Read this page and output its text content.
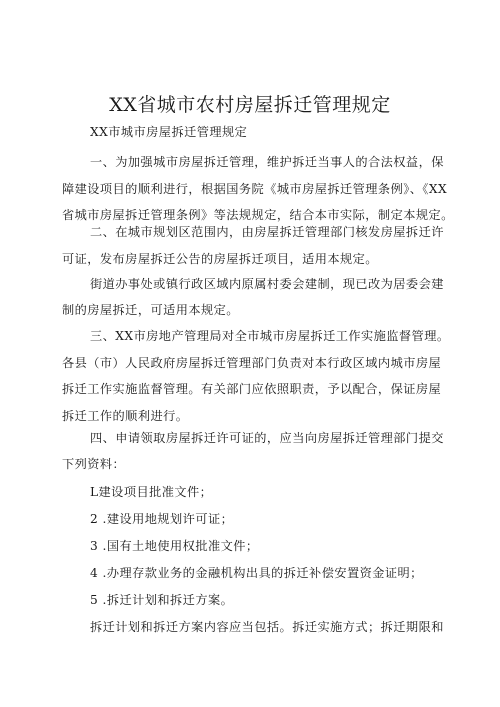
XX省城市农村房屋拆迁管理规定
XX市城市房屋拆迁管理规定
一、为加强城市房屋拆迁管理，维护拆迁当事人的合法权益，保
障建设项目的顺利进行，根据国务院《城市房屋拆迁管理条例》、《XX
省城市房屋拆迁管理条例》等法规规定，结合本市实际，制定本规定。
二、在城市规划区范围内，由房屋拆迁管理部门核发房屋拆迁许
可证，发布房屋拆迁公告的房屋拆迁项目，适用本规定。
街道办事处或镇行政区域内原属村委会建制，现已改为居委会建
制的房屋拆迁，可适用本规定。
三、XX市房地产管理局对全市城市房屋拆迁工作实施监督管理。
各县（市）人民政府房屋拆迁管理部门负责对本行政区域内城市房屋
拆迁工作实施监督管理。有关部门应依照职责，予以配合，保证房屋
拆迁工作的顺利进行。
四、申请领取房屋拆迁许可证的，应当向房屋拆迁管理部门提交
下列资料：
L建设项目批准文件；
2 .建设用地规划许可证；
3 .国有土地使用权批准文件；
4 .办理存款业务的金融机构出具的拆迁补偿安置资金证明；
5 .拆迁计划和拆迁方案。
拆迁计划和拆迁方案内容应当包括。拆迁实施方式；拆迁期限和
